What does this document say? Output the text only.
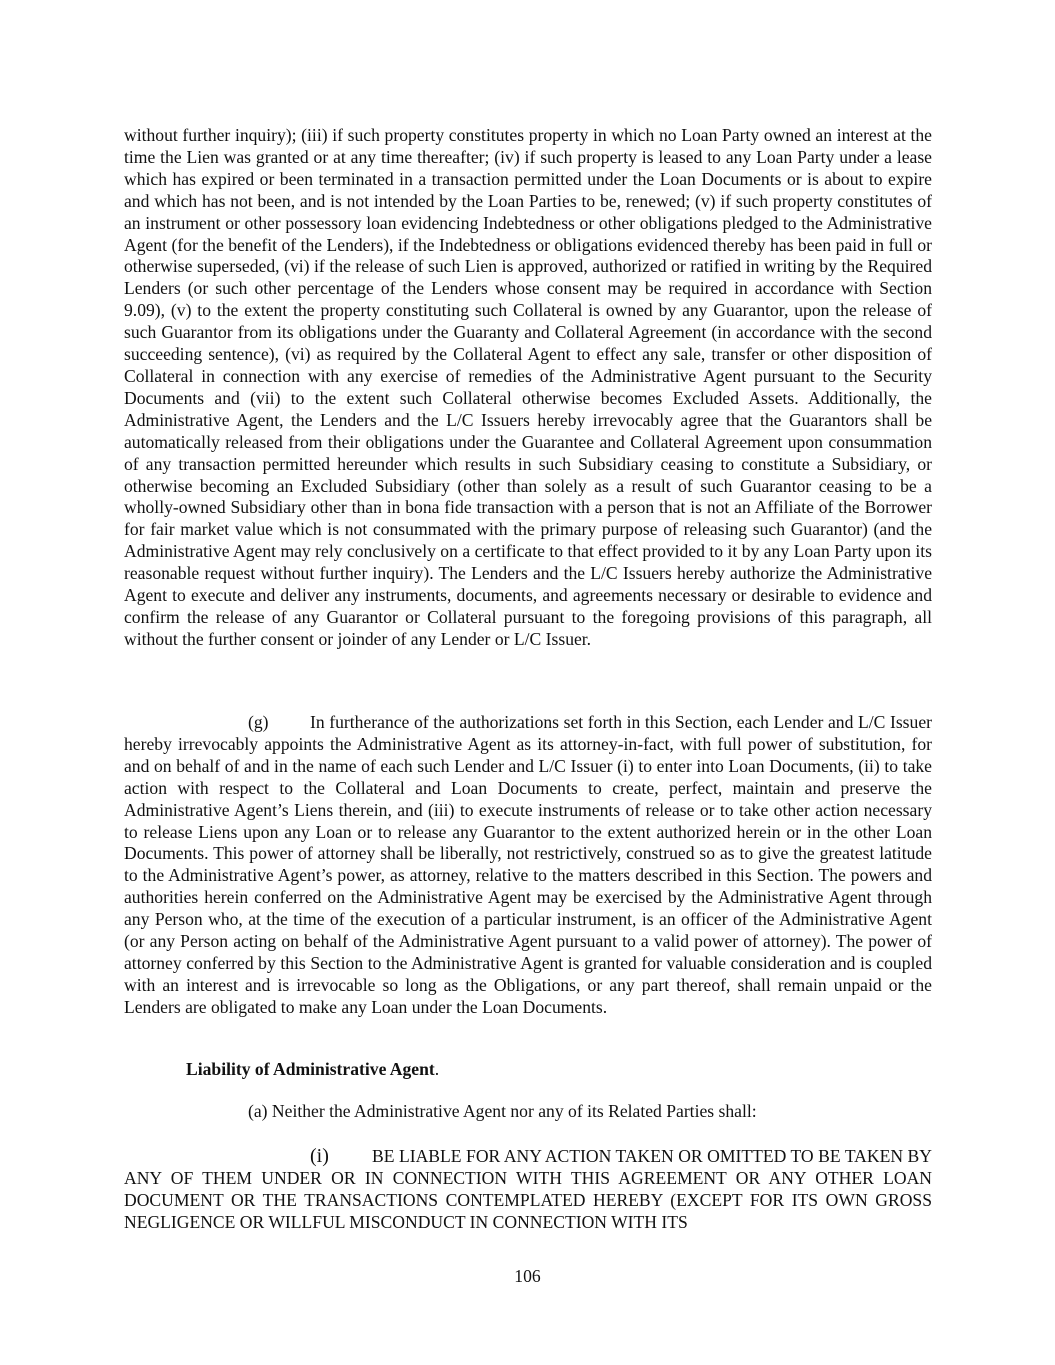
without further inquiry); (iii) if such property constitutes property in which no Loan Party owned an interest at the time the Lien was granted or at any time thereafter; (iv) if such property is leased to any Loan Party under a lease which has expired or been terminated in a transaction permitted under the Loan Documents or is about to expire and which has not been, and is not intended by the Loan Parties to be, renewed; (v) if such property constitutes of an instrument or other possessory loan evidencing Indebtedness or other obligations pledged to the Administrative Agent (for the benefit of the Lenders), if the Indebtedness or obligations evidenced thereby has been paid in full or otherwise superseded, (vi) if the release of such Lien is approved, authorized or ratified in writing by the Required Lenders (or such other percentage of the Lenders whose consent may be required in accordance with Section 9.09), (v) to the extent the property constituting such Collateral is owned by any Guarantor, upon the release of such Guarantor from its obligations under the Guaranty and Collateral Agreement (in accordance with the second succeeding sentence), (vi) as required by the Collateral Agent to effect any sale, transfer or other disposition of Collateral in connection with any exercise of remedies of the Administrative Agent pursuant to the Security Documents and (vii) to the extent such Collateral otherwise becomes Excluded Assets. Additionally, the Administrative Agent, the Lenders and the L/C Issuers hereby irrevocably agree that the Guarantors shall be automatically released from their obligations under the Guarantee and Collateral Agreement upon consummation of any transaction permitted hereunder which results in such Subsidiary ceasing to constitute a Subsidiary, or otherwise becoming an Excluded Subsidiary (other than solely as a result of such Guarantor ceasing to be a wholly-owned Subsidiary other than in bona fide transaction with a person that is not an Affiliate of the Borrower for fair market value which is not consummated with the primary purpose of releasing such Guarantor) (and the Administrative Agent may rely conclusively on a certificate to that effect provided to it by any Loan Party upon its reasonable request without further inquiry). The Lenders and the L/C Issuers hereby authorize the Administrative Agent to execute and deliver any instruments, documents, and agreements necessary or desirable to evidence and confirm the release of any Guarantor or Collateral pursuant to the foregoing provisions of this paragraph, all without the further consent or joinder of any Lender or L/C Issuer.

(g) In furtherance of the authorizations set forth in this Section, each Lender and L/C Issuer hereby irrevocably appoints the Administrative Agent as its attorney-in-fact, with full power of substitution, for and on behalf of and in the name of each such Lender and L/C Issuer (i) to enter into Loan Documents, (ii) to take action with respect to the Collateral and Loan Documents to create, perfect, maintain and preserve the Administrative Agent’s Liens therein, and (iii) to execute instruments of release or to take other action necessary to release Liens upon any Loan or to release any Guarantor to the extent authorized herein or in the other Loan Documents. This power of attorney shall be liberally, not restrictively, construed so as to give the greatest latitude to the Administrative Agent’s power, as attorney, relative to the matters described in this Section. The powers and authorities herein conferred on the Administrative Agent may be exercised by the Administrative Agent through any Person who, at the time of the execution of a particular instrument, is an officer of the Administrative Agent (or any Person acting on behalf of the Administrative Agent pursuant to a valid power of attorney). The power of attorney conferred by this Section to the Administrative Agent is granted for valuable consideration and is coupled with an interest and is irrevocable so long as the Obligations, or any part thereof, shall remain unpaid or the Lenders are obligated to make any Loan under the Loan Documents.

Liability of Administrative Agent.

(a) Neither the Administrative Agent nor any of its Related Parties shall:

(i) BE LIABLE FOR ANY ACTION TAKEN OR OMITTED TO BE TAKEN BY ANY OF THEM UNDER OR IN CONNECTION WITH THIS AGREEMENT OR ANY OTHER LOAN DOCUMENT OR THE TRANSACTIONS CONTEMPLATED HEREBY (EXCEPT FOR ITS OWN GROSS NEGLIGENCE OR WILLFUL MISCONDUCT IN CONNECTION WITH ITS

106
